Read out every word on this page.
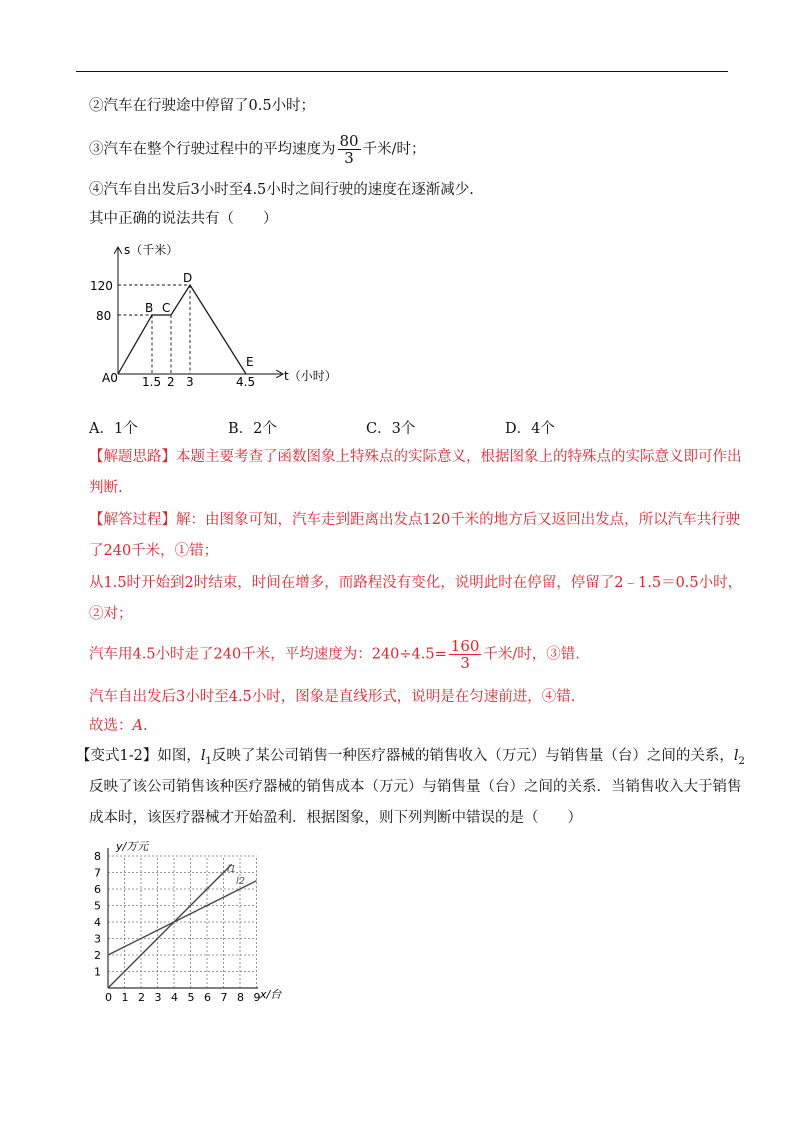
②汽车在行驶途中停留了0.5小时；
③汽车在整个行驶过程中的平均速度为 $\frac{80}{3}$ 千米/时；
④汽车自出发后3小时至4.5小时之间行驶的速度在逐渐减少.
其中正确的说法共有（　　）
s（千米）
t（小时）
120
80
A0 1.5 2 3	4.5
B C
D
E
A．1个	B．2个	C．3个	D．4个
【解题思路】本题主要考查了函数图象上特殊点的实际意义，根据图象上的特殊点的实际意义即可作出
判断.
【解答过程】解：由图象可知，汽车走到距离出发点120千米的地方后又返回出发点，所以汽车共行驶
了240千米，①错；
从1.5时开始到2时结束，时间在增多，而路程没有变化，说明此时在停留，停留了2﹣1.5＝0.5小时，
②对；
汽车用4.5小时走了240千米，平均速度为：$240\div 4.5= \frac{160}{3}$ 千米/时，③错.
汽车自出发后3小时至4.5小时，图象是直线形式，说明是在匀速前进，④错.
故选：A.
【变式1-2】如图，$l_1$反映了某公司销售一种医疗器械的销售收入（万元）与销售量（台）之间的关系，$l_2$
反映了该公司销售该种医疗器械的销售成本（万元）与销售量（台）之间的关系．当销售收入大于销售
成本时，该医疗器械才开始盈利．根据图象，则下列判断中错误的是（　　）
y/万元
x/台
l1
l2
8
7
6
5
4
3
2
1
0 1 2 3 4 5 6 7 8 9
